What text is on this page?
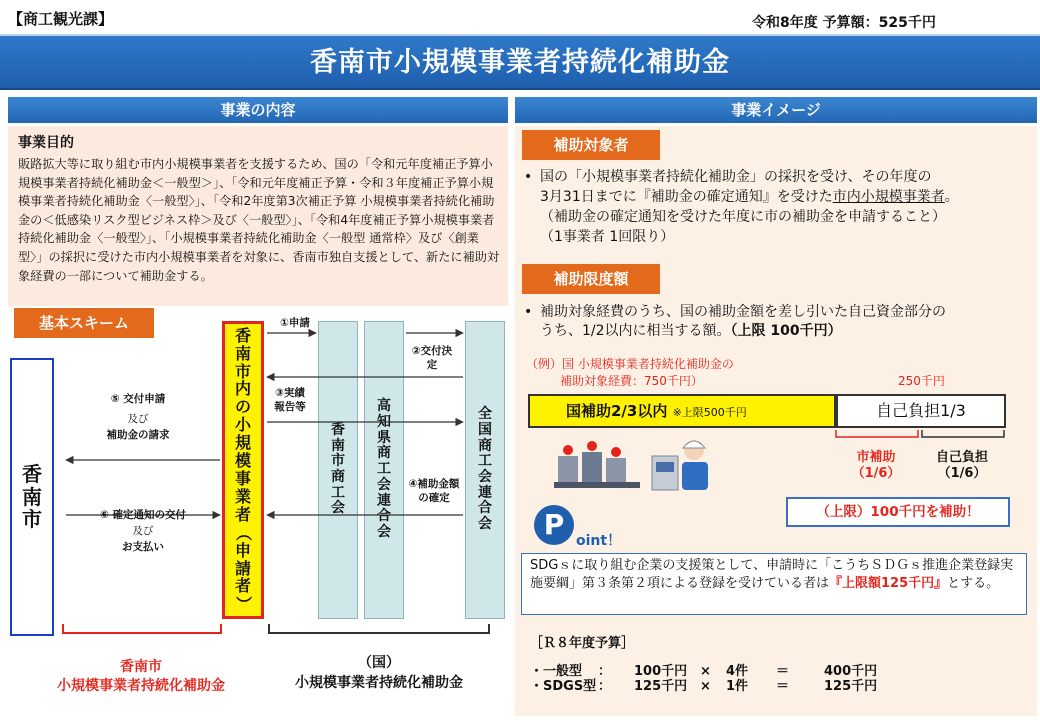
【商工観光課】	令和8年度 予算額：525千円
香南市小規模事業者持続化補助金
事業の内容
事業目的
販路拡大等に取り組む市内小規模事業者を支援するため、国の「令和元年度補正予算小規模事業者持続化補助金＜一般型＞」、「令和元年度補正予算・令和３年度補正予算小規模事業者持続化補助金〈一般型〉」、「令和2年度第3次補正予算 小規模事業者持続化補助金の＜低感染リスク型ビジネス枠＞及び〈一般型〉」、「令和4年度補正予算小規模事業者持続化補助金〈一般型〉」、「小規模事業者持続化補助金〈一般型 通常枠〉及び〈創業型〉」の採択に受けた市内小規模事業者を対象に、香南市独自支援として、新たに補助対象経費の一部について補助金する。
基本スキーム
香
南
市
香
南
市
内
の
小
規
模
事
業
者
（
申
請
者
）
香
南
市
商
工
会
高
知
県
商
工
会
連
合
会
全
国
商
工
会
連
合
会
①申請
②交付決定
③実績報告等
④補助金額の確定
⑤ 交付申請
及び
補助金の請求
⑥ 確定通知の交付
及び
お支払い
香南市
小規模事業者持続化補助金
（国）
小規模事業者持続化補助金
事業イメージ
補助対象者
• 国の「小規模事業者持続化補助金」の採択を受け、その年度の
3月31日までに『補助金の確定通知』を受けた市内小規模事業者。
（補助金の確定通知を受けた年度に市の補助金を申請すること）
（1事業者 1回限り）
補助限度額
• 補助対象経費のうち、国の補助金額を差し引いた自己資金部分の
うち、1/2以内に相当する額。（上限 100千円）
（例）国 小規模事業者持続化補助金の
補助対象経費：750千円）	250千円
国補助2/3以内 ※上限500千円	自己負担1/3
市補助
（1/6）
自己負担
（1/6）
P oint！
（上限）100千円を補助！
SDGｓに取り組む企業の支援策として、申請時に「こうちＳＤＧｓ推進企業登録実施要綱」第３条第２項による登録を受けている者は『上限額125千円』とする。
［Ｒ８年度予算］
・一般型 ： 100千円 × 4件 ＝	400千円
・SDGS型 ： 125千円 × 1件 ＝	125千円
